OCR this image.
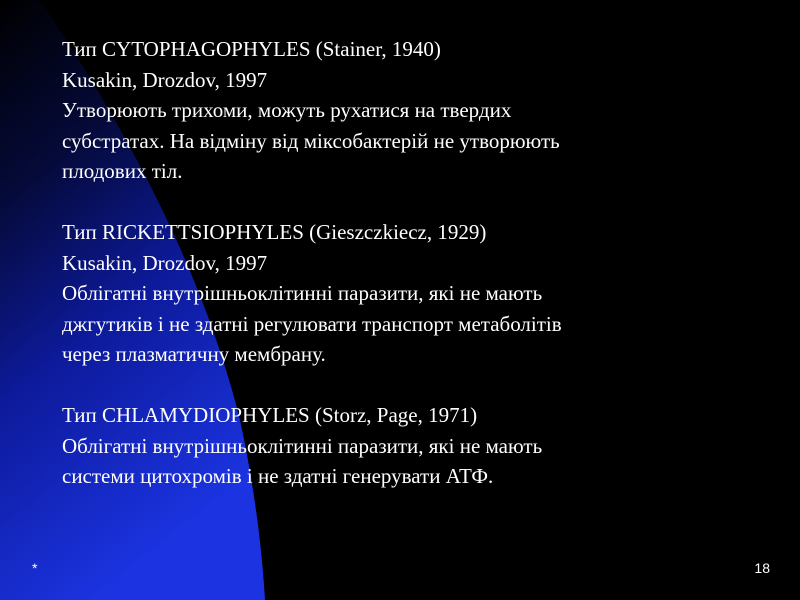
Тип CYTOPHAGOPHYLES (Stainer, 1940)
Kusakin, Drozdov, 1997
Утворюють трихоми, можуть рухатися на твердих
субстратах. На відміну від міксобактерій не утворюють
плодових тіл.
Тип RICKETTSIOPHYLES (Gieszczkiecz, 1929)
Kusakin, Drozdov, 1997
Облігатні внутрішньоклітинні паразити, які не мають
джгутиків і не здатні регулювати транспорт метаболітів
через плазматичну мембрану.
Тип CHLAMYDIOPHYLES (Storz, Page, 1971)
Облігатні внутрішньоклітинні паразити, які не мають
системи цитохромів і не здатні генерувати АТФ.
*	18
